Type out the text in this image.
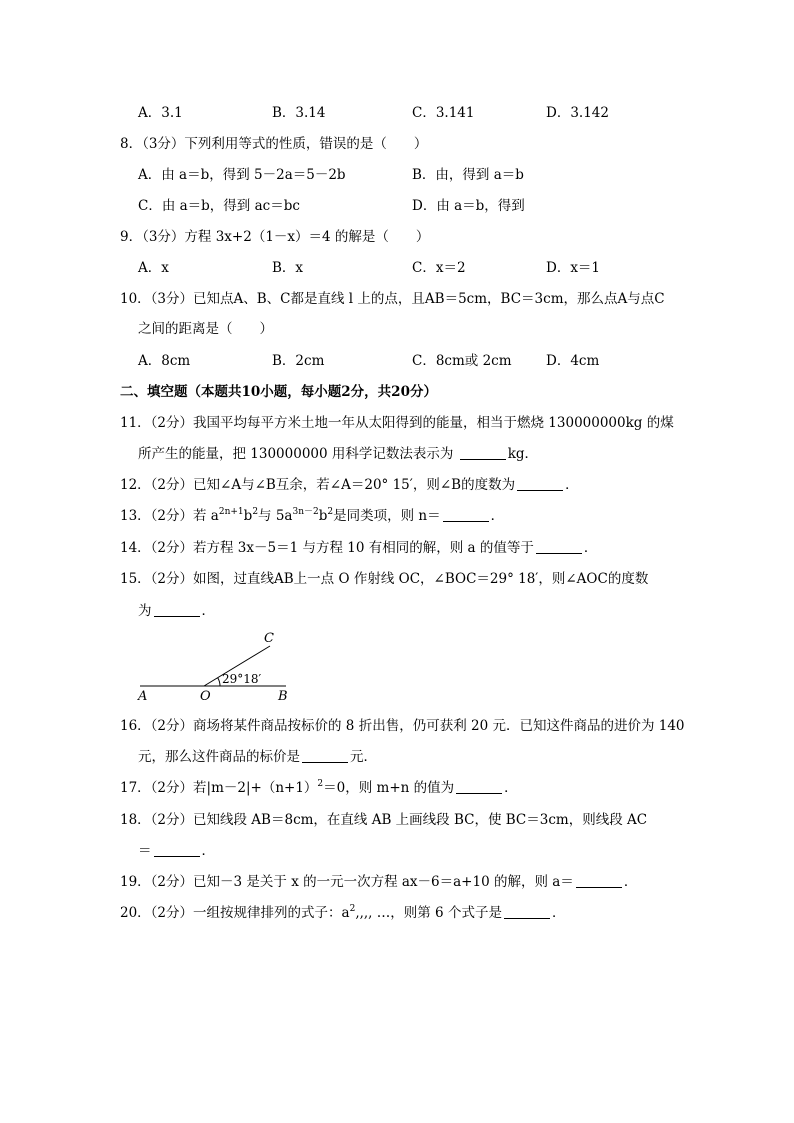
A．3.1	B．3.14	C．3.141	D．3.142
8．（3分）下列利用等式的性质，错误的是（　　）
A．由 a＝b，得到 5－2a＝5－2b	B．由，得到 a＝b
C．由 a＝b，得到 ac＝bc	D．由 a＝b，得到
9．（3分）方程 3x+2（1－x）＝4 的解是（　　）
A．x	B．x	C．x＝2	D．x＝1
10．（3分）已知点A、B、C都是直线 l 上的点，且AB＝5cm，BC＝3cm，那么点A与点C
之间的距离是（　　）
A．8cm	B．2cm	C．8cm或 2cm	D．4cm
二、填空题（本题共10小题，每小题2分，共20分）
11．（2分）我国平均每平方米土地一年从太阳得到的能量，相当于燃烧 130000000kg 的煤
所产生的能量，把 130000000 用科学记数法表示为	kg．
12．（2分）已知∠A与∠B互余，若∠A＝20° 15′，则∠B的度数为	．
13．（2分）若 $a^{2n+1}b^2$与 $5a^{3n-2}b^2$是同类项，则 n＝	．
14．（2分）若方程 3x－5＝1 与方程 10 有相同的解，则 a 的值等于	．
15．（2分）如图，过直线AB上一点 O 作射线 OC，∠BOC＝29° 18′，则∠AOC的度数
为	．
C
29°18′
A	O	B
16．（2分）商场将某件商品按标价的 8 折出售，仍可获利 20 元．已知这件商品的进价为 140
元，那么这件商品的标价是	元．
17．（2分）若$|m-2|+(n+1)^2=0$，则 m+n 的值为	．
18．（2分）已知线段 AB＝8cm，在直线 AB 上画线段 BC，使 BC＝3cm，则线段 AC
＝	．
19．（2分）已知－3 是关于 x 的一元一次方程 ax－6＝a+10 的解，则 a＝	．
20．（2分）一组按规律排列的式子：$a^2$,,,, …，则第 6 个式子是	．
